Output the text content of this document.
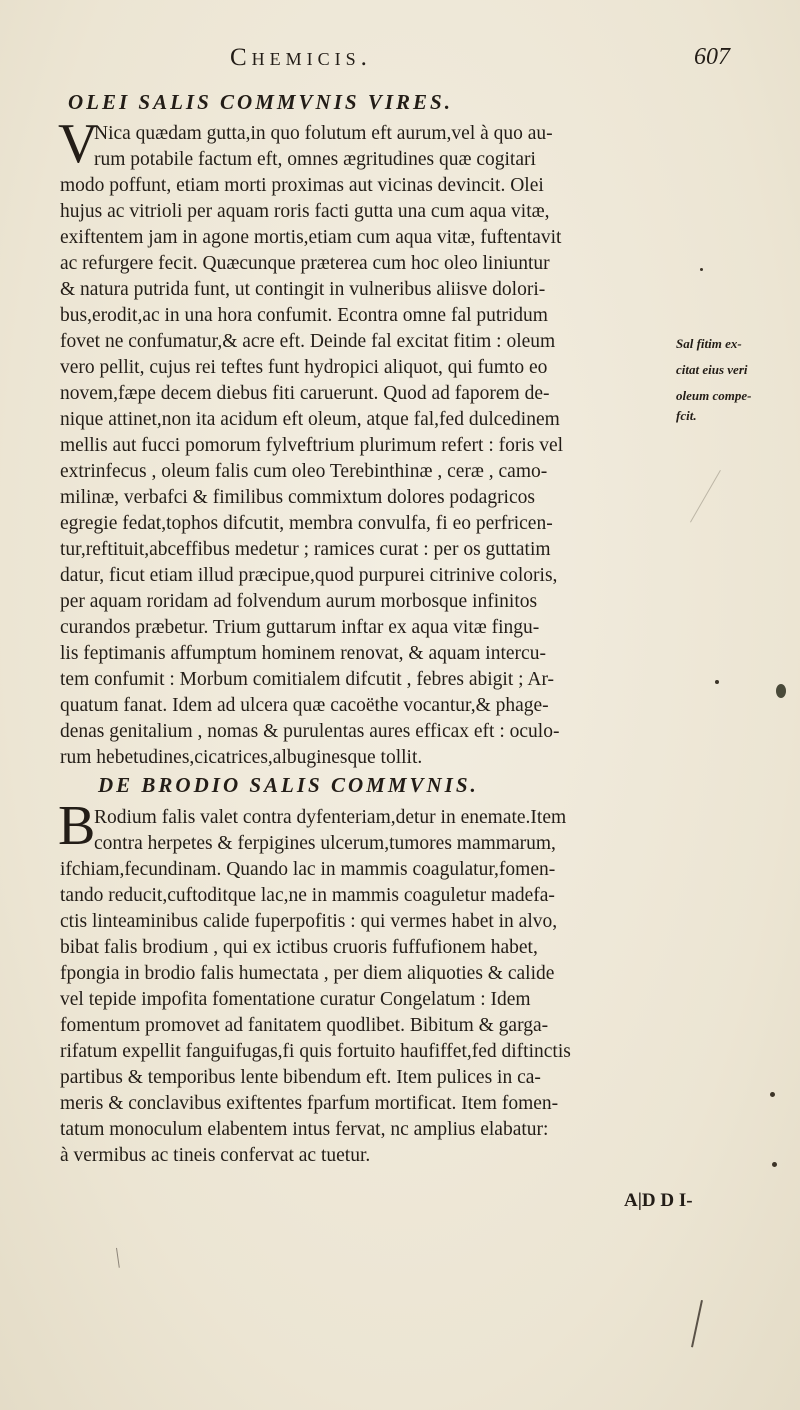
Chemicis.	607
OLEI SALIS COMMVNIS VIRES.
V
Nica quædam gutta,in quo folutum eft aurum,vel à quo au-
rum potabile factum eft, omnes ægritudines quæ cogitari
modo poffunt, etiam morti proximas aut vicinas devincit. Olei
hujus ac vitrioli per aquam roris facti gutta una cum aqua vitæ,
exiftentem jam in agone mortis,etiam cum aqua vitæ, fuftentavit
ac refurgere fecit. Quæcunque præterea cum hoc oleo liniuntur
& natura putrida funt, ut contingit in vulneribus aliisve dolori-
bus,erodit,ac in una hora confumit. Econtra omne fal putridum
fovet ne confumatur,& acre eft. Deinde fal excitat fitim : oleum
vero pellit, cujus rei teftes funt hydropici aliquot, qui fumto eo
novem,fæpe decem diebus fiti caruerunt. Quod ad faporem de-
nique attinet,non ita acidum eft oleum, atque fal,fed dulcedinem
mellis aut fucci pomorum fylveftrium plurimum refert : foris vel
extrinfecus , oleum falis cum oleo Terebinthinæ , ceræ , camo-
milinæ, verbafci & fimilibus commixtum dolores podagricos
egregie fedat,tophos difcutit, membra convulfa, fi eo perfricen-
tur,reftituit,abceffibus medetur ; ramices curat : per os guttatim
datur, ficut etiam illud præcipue,quod purpurei citrinive coloris,
per aquam roridam ad folvendum aurum morbosque infinitos
curandos præbetur. Trium guttarum inftar ex aqua vitæ fingu-
lis feptimanis affumptum hominem renovat, & aquam intercu-
tem confumit : Morbum comitialem difcutit , febres abigit ; Ar-
quatum fanat. Idem ad ulcera quæ cacoëthe vocantur,& phage-
denas genitalium , nomas & purulentas aures efficax eft : oculo-
rum hebetudines,cicatrices,albuginesque tollit.
Sal fitim ex-
citat eius veri
oleum compe-
fcit.
DE BRODIO SALIS COMMVNIS.
B
Rodium falis valet contra dyfenteriam,detur in enemate.Item
contra herpetes & ferpigines ulcerum,tumores mammarum,
ifchiam,fecundinam. Quando lac in mammis coagulatur,fomen-
tando reducit,cuftoditque lac,ne in mammis coaguletur madefa-
ctis linteaminibus calide fuperpofitis : qui vermes habet in alvo,
bibat falis brodium , qui ex ictibus cruoris fuffufionem habet,
fpongia in brodio falis humectata , per diem aliquoties & calide
vel tepide impofita fomentatione curatur Congelatum : Idem
fomentum promovet ad fanitatem quodlibet. Bibitum & garga-
rifatum expellit fanguifugas,fi quis fortuito haufiffet,fed diftinctis
partibus & temporibus lente bibendum eft. Item pulices in ca-
meris & conclavibus exiftentes fparfum mortificat. Item fomen-
tatum monoculum elabentem intus fervat, nc amplius elabatur:
à vermibus ac tineis confervat ac tuetur.
A|D D I-
